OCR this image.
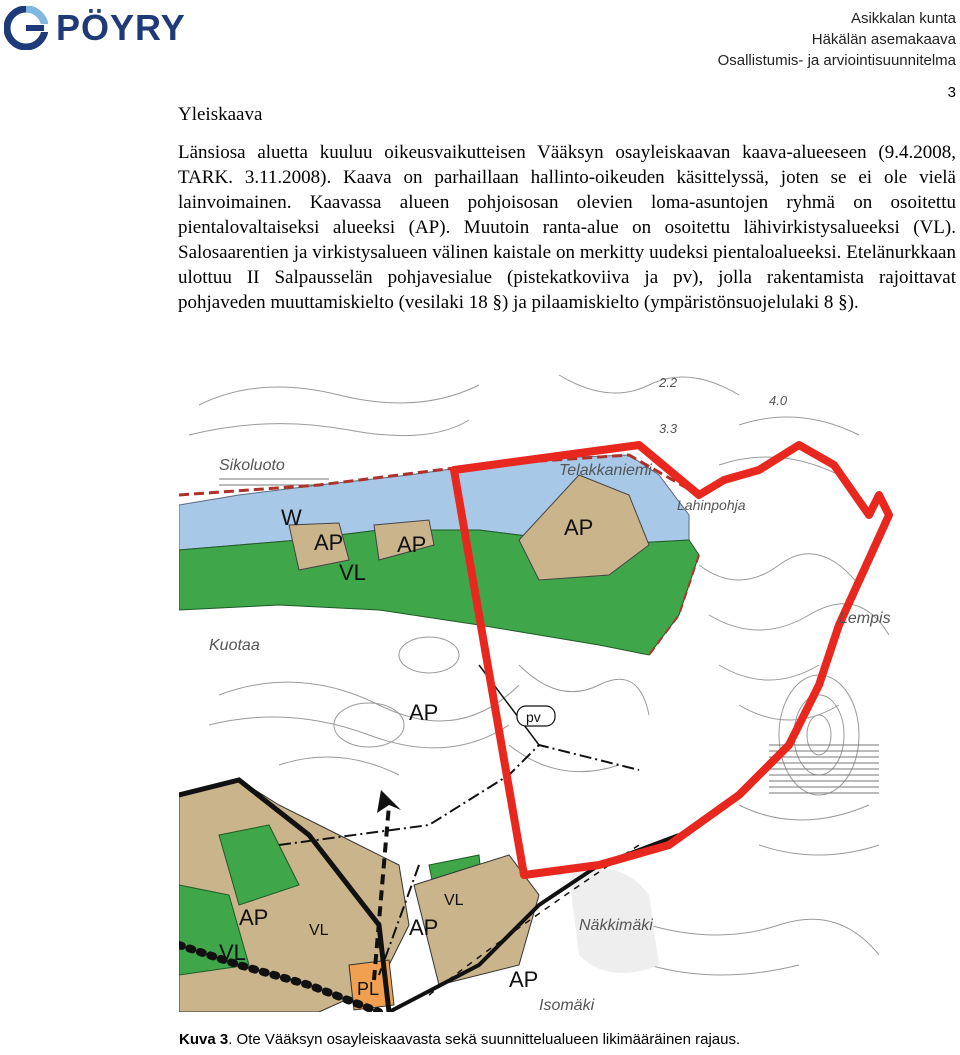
PÖYRY	Asikkalan kunta
Häkälän asemakaava
Osallistumis- ja arviointisuunnitelma
3
Yleiskaava
Länsiosa aluetta kuuluu oikeusvaikutteisen Vääksyn osayleiskaavan kaava-alueeseen (9.4.2008, TARK. 3.11.2008). Kaava on parhaillaan hallinto-oikeuden käsittelyssä, joten se ei ole vielä lainvoimainen. Kaavassa alueen pohjoisosan olevien loma-asuntojen ryhmä on osoitettu pientalovaltaiseksi alueeksi (AP). Muutoin ranta-alue on osoitettu lähivirkistysalueeksi (VL). Salosaarentien ja virkistysalueen välinen kaistale on merkitty uudeksi pientaloalueeksi. Etelänurkkaan ulottuu II Salpausselän pohjavesialue (pistekatkoviiva ja pv), jolla rakentamista rajoittavat pohjaveden muuttamiskielto (vesilaki 18 §) ja pilaamiskielto (ympäristönsuojelulaki 8 §).
W
AP AP
AP
VL
AP
AP	AP
VL
VL
VL
AP
PL
pv
Sikoluoto	Telakkaniemi
Lahinpohja
Kuotaa
Lempis
Näkkimäki
Isomäki
2.2
4.0
3.3
Kuva 3. Ote Vääksyn osayleiskaavasta sekä suunnittelualueen likimääräinen rajaus.
